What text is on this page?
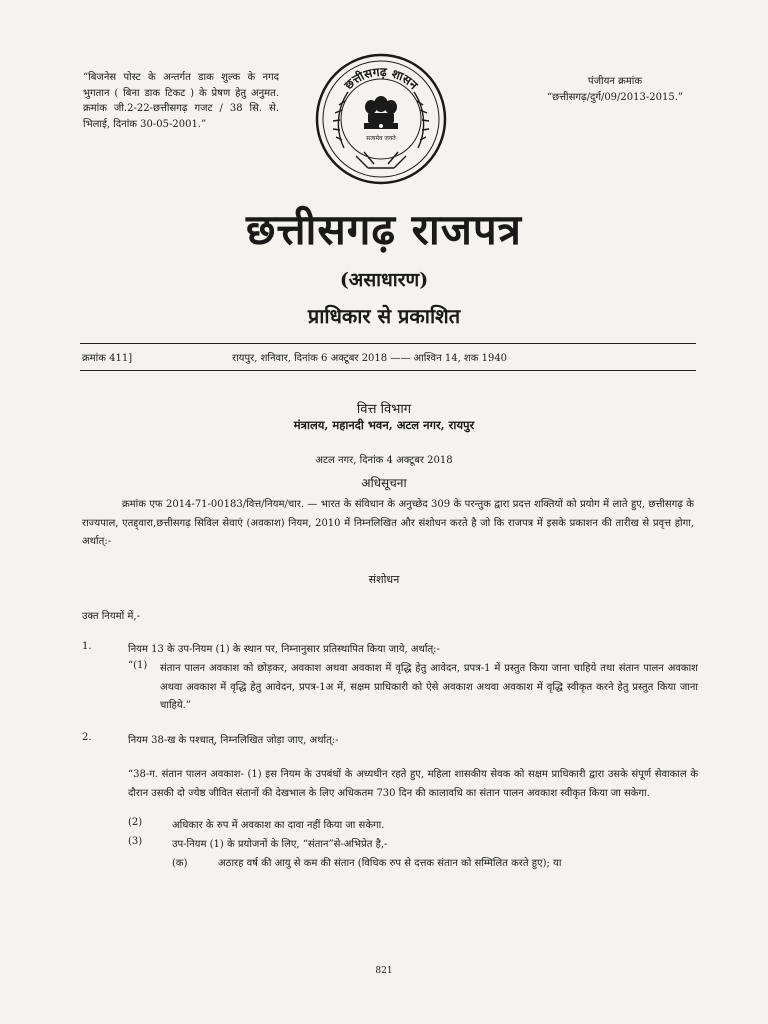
“बिजनेस पोस्ट के अन्तर्गत डाक शुल्क के नगद भुगतान ( बिना डाक टिकट ) के प्रेषण हेतु अनुमत. क्रमांक जी.2-22-छत्तीसगढ़ गजट / 38 सि. से. भिलाई, दिनांक 30-05-2001.”
छत्तीसगढ़ शासन
सत्यमेव जयते
पंजीयन क्रमांक
“छत्तीसगढ़/दुर्ग/09/2013-2015.”
छत्तीसगढ़ राजपत्र
(असाधारण)
प्राधिकार से प्रकाशित
क्रमांक 411]	रायपुर, शनिवार, दिनांक 6 अक्टूबर 2018 —— आश्विन 14, शक 1940
वित्त विभाग
मंत्रालय, महानदी भवन, अटल नगर, रायपुर
अटल नगर, दिनांक 4 अक्टूबर 2018
अधिसूचना
क्रमांक एफ 2014-71-00183/वित्त/नियम/चार. — भारत के संविधान के अनुच्छेद 309 के परन्तुक द्वारा प्रदत्त शक्तियों को प्रयोग में लाते हुए, छत्तीसगढ़ के राज्यपाल, एतद्द्वारा,छत्तीसगढ़ सिविल सेवाएं (अवकाश) नियम, 2010 में निम्नलिखित और संशोधन करते है जो कि राजपत्र में इसके प्रकाशन की तारीख से प्रवृत्त होगा, अर्थात्:-
संशोधन
उक्त नियमों में,-
1.	नियम 13 के उप-नियम (1) के स्थान पर, निम्नानुसार प्रतिस्थापित किया जाये, अर्थात्:-
“(1) संतान पालन अवकाश को छोड़कर, अवकाश अथवा अवकाश में वृद्धि हेतु आवेदन, प्रपत्र-1 में प्रस्तुत किया जाना चाहिये तथा संतान पालन अवकाश अथवा अवकाश में वृद्धि हेतु आवेदन, प्रपत्र-1अ में, सक्षम प्राधिकारी को ऐसे अवकाश अथवा अवकाश में वृद्धि स्वीकृत करने हेतु प्रस्तुत किया जाना चाहिये.”
2.	नियम 38-ख के पश्चात्, निम्नलिखित जोड़ा जाए, अर्थात्:-
“38-ग. संतान पालन अवकाश- (1) इस नियम के उपबंधों के अध्यधीन रहते हुए, महिला शासकीय सेवक को सक्षम प्राधिकारी द्वारा उसके संपूर्ण सेवाकाल के दौरान उसकी दो ज्येष्ठ जीवित संतानों की देखभाल के लिए अधिकतम 730 दिन की कालावधि का संतान पालन अवकाश स्वीकृत किया जा सकेगा.
(2)	अधिकार के रुप में अवकाश का दावा नहीं किया जा सकेगा.
(3)	उप-नियम (1) के प्रयोजनों के लिए, “संतान”से-अभिप्रेत है,-
(क)	अठारह वर्ष की आयु से कम की संतान (विधिक रुप से दत्तक संतान को सम्मिलित करते हुए); या
821
